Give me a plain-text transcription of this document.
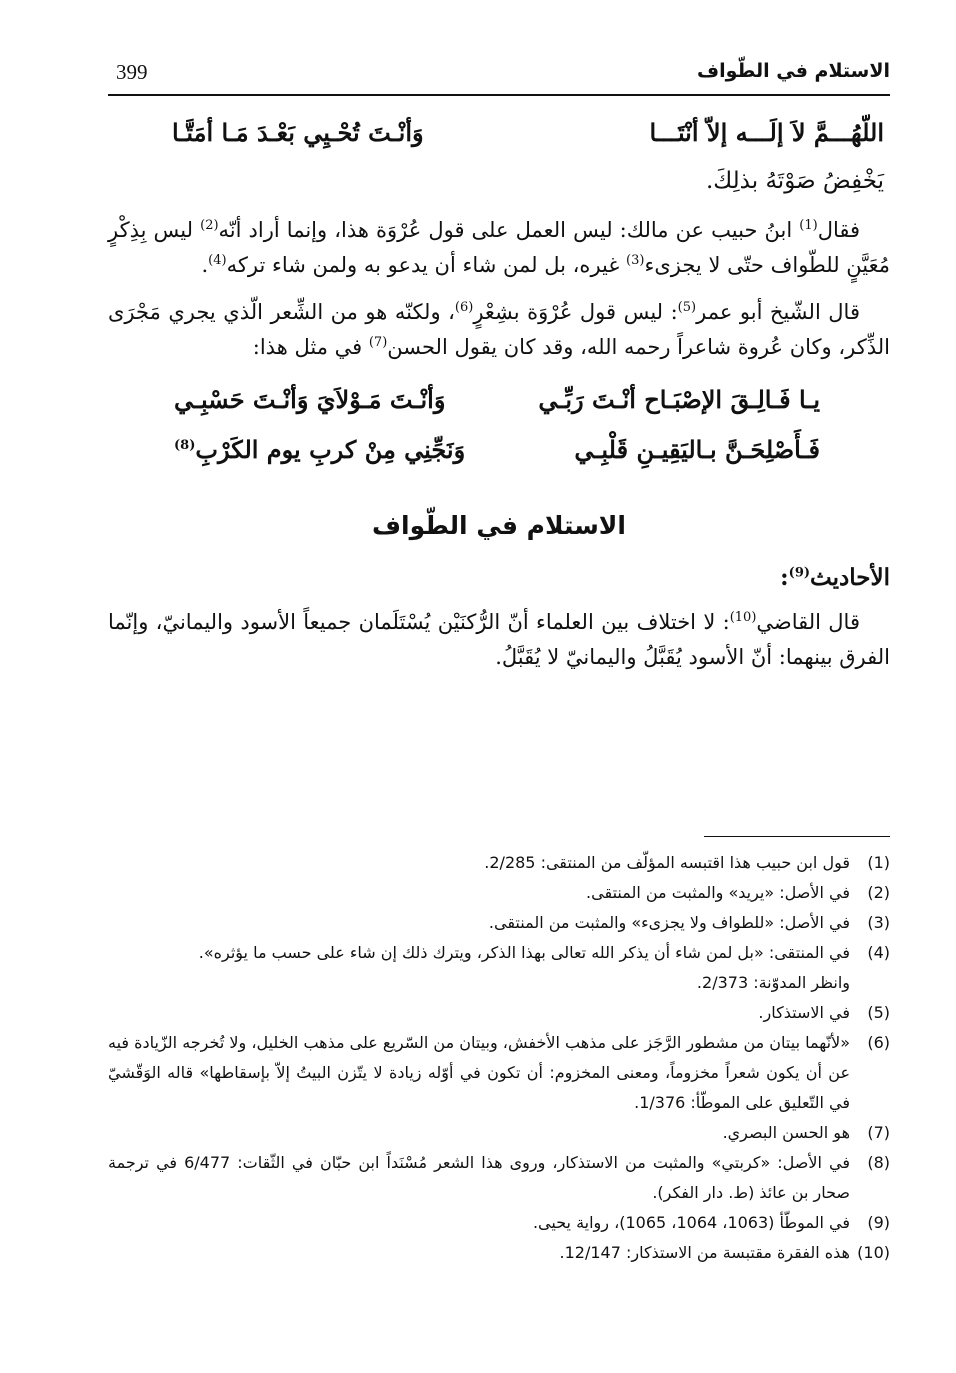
الاستلام في الطّواف
399
اللّهُـــمَّ لاَ إلَـــه إلاّ أنْتَـــا
وَأنْـتَ تُحْـيِي بَعْـدَ مَـا أمَتَّـا

يَخْفِضُ صَوْتَهُ بذلِكَ.

فقال$^{(1)}$ ابنُ حبيب عن مالك: ليس العمل على قول عُرْوَة هذا، وإنما أراد أنّه$^{(2)}$ ليس بِذِكْرٍ مُعَيَّنٍ للطّواف حتّى لا يجزىء$^{(3)}$ غيره، بل لمن شاء أن يدعو به ولمن شاء تركه$^{(4)}$.

قال الشّيخ أبو عمر$^{(5)}$: ليس قول عُرْوَة بشِعْرٍ$^{(6)}$، ولكنّه هو من الشِّعر الّذي يجري مَجْرَى الذِّكر، وكان عُروة شاعراً رحمه الله، وقد كان يقول الحسن$^{(7)}$ في مثل هذا:

يـا فَـالِـقَ الإصْبَـاح أنْـتَ رَبِّـي
وَأنْـتَ مَـوْلاَيَ وَأنْـتَ حَسْبِـي
فَـأَصْلِحَـنَّ بـاليَقِيـنِ قَلْبِـي
وَنَجِّنِي مِنْ كربِ يوم الكَرْبِ$^{(8)}$
الاستلام في الطّواف
الأحاديث$^{(9)}$:

قال القاضي$^{(10)}$: لا اختلاف بين العلماء أنّ الرُّكنَيْن يُسْتَلَمان جميعاً الأسود واليمانيّ، وإنّما الفرق بينهما: أنّ الأسود يُقَبَّلُ واليمانيّ لا يُقَبَّلُ.

(1)
قول ابن حبيب هذا اقتبسه المؤلّف من المنتقى: 2/285.
(2)
في الأصل: «يريد» والمثبت من المنتقى.
(3)
في الأصل: «للطواف ولا يجزىء» والمثبت من المنتقى.
(4)
في المنتقى: «بل لمن شاء أن يذكر الله تعالى بهذا الذكر، ويترك ذلك إن شاء على حسب ما يؤثره».
وانظر المدوّنة: 2/373.
(5)
في الاستذكار.
(6)
«لأنّهما بيتان من مشطور الرَّجَز على مذهب الأخفش، وبيتان من السّريع على مذهب الخليل، ولا تُخرجه الزّيادة فيه عن أن يكون شعراً مخزوماً، ومعنى المخزوم: أن تكون في أوّله زيادة لا يتّزن البيتُ إلاّ بإسقاطها» قاله الوَقّشيّ في التّعليق على الموطّأ: 1/376.
(7)
هو الحسن البصري.
(8)
في الأصل: «كربتي» والمثبت من الاستذكار، وروى هذا الشعر مُسْنَداً ابن حبّان في الثّقات: 6/477 في ترجمة صحار بن عائذ (ط. دار الفكر).
(9)
في الموطّأ (1063، 1064، 1065)، رواية يحيى.
(10)
هذه الفقرة مقتبسة من الاستذكار: 12/147.
